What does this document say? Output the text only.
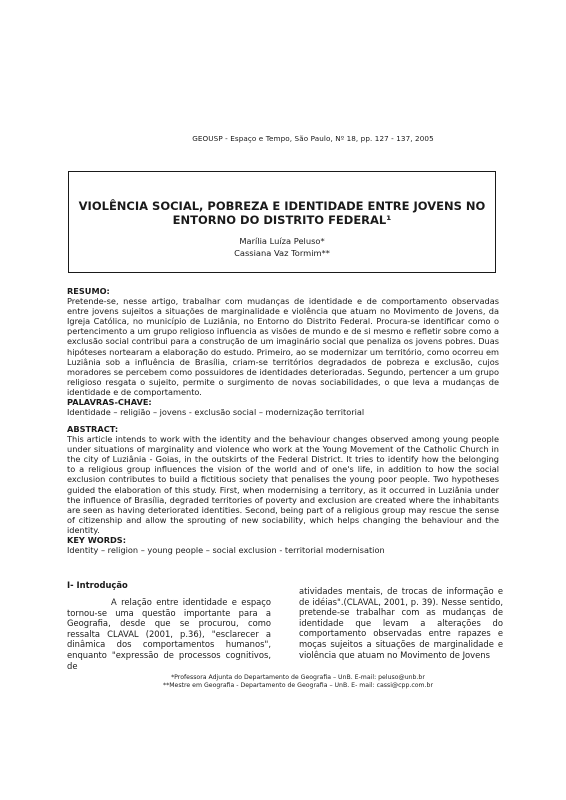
GEOUSP - Espaço e Tempo, São Paulo, Nº 18, pp. 127 - 137, 2005
VIOLÊNCIA SOCIAL, POBREZA E IDENTIDADE ENTRE JOVENS NO
ENTORNO DO DISTRITO FEDERAL¹
Marília Luíza Peluso*
Cassiana Vaz Tormim**
RESUMO:
Pretende-se, nesse artigo, trabalhar com mudanças de identidade e de comportamento observadas entre jovens sujeitos a situações de marginalidade e violência que atuam no Movimento de Jovens, da Igreja Católica, no município de Luziânia, no Entorno do Distrito Federal. Procura-se identificar como o pertencimento a um grupo religioso influencia as visões de mundo e de si mesmo e refletir sobre como a exclusão social contribui para a construção de um imaginário social que penaliza os jovens pobres. Duas hipóteses nortearam a elaboração do estudo. Primeiro, ao se modernizar um território, como ocorreu em Luziânia sob a influência de Brasília, criam-se territórios degradados de pobreza e exclusão, cujos moradores se percebem como possuidores de identidades deterioradas. Segundo, pertencer a um grupo religioso resgata o sujeito, permite o surgimento de novas sociabilidades, o que leva a mudanças de identidade e de comportamento.
PALAVRAS-CHAVE:
Identidade – religião – jovens - exclusão social – modernização territorial
ABSTRACT:
This article intends to work with the identity and the behaviour changes observed among young people under situations of marginality and violence who work at the Young Movement of the Catholic Church in the city of Luziânia - Goias, in the outskirts of the Federal District. It tries to identify how the belonging to a religious group influences the vision of the world and of one's life, in addition to how the social exclusion contributes to build a fictitious society that penalises the young poor people. Two hypotheses guided the elaboration of this study. First, when modernising a territory, as it occurred in Luziânia under the influence of Brasília, degraded territories of poverty and exclusion are created where the inhabitants are seen as having deteriorated identities. Second, being part of a religious group may rescue the sense of citizenship and allow the sprouting of new sociability, which helps changing the behaviour and the identity.
KEY WORDS:
Identity – religion – young people – social exclusion - territorial modernisation
I- Introdução
A relação entre identidade e espaço tornou-se uma questão importante para a Geografia, desde que se procurou, como ressalta CLAVAL (2001, p.36), "esclarecer a dinâmica dos comportamentos humanos", enquanto "expressão de processos cognitivos, de
atividades mentais, de trocas de informação e de idéias".(CLAVAL, 2001, p. 39). Nesse sentido, pretende-se trabalhar com as mudanças de identidade que levam a alterações do comportamento observadas entre rapazes e moças sujeitos a situações de marginalidade e violência que atuam no Movimento de Jovens
*Professora Adjunta do Departamento de Geografia – UnB. E-mail: peluso@unb.br
**Mestre em Geografia - Departamento de Geografia – UnB. E- mail: cassi@cpp.com.br
